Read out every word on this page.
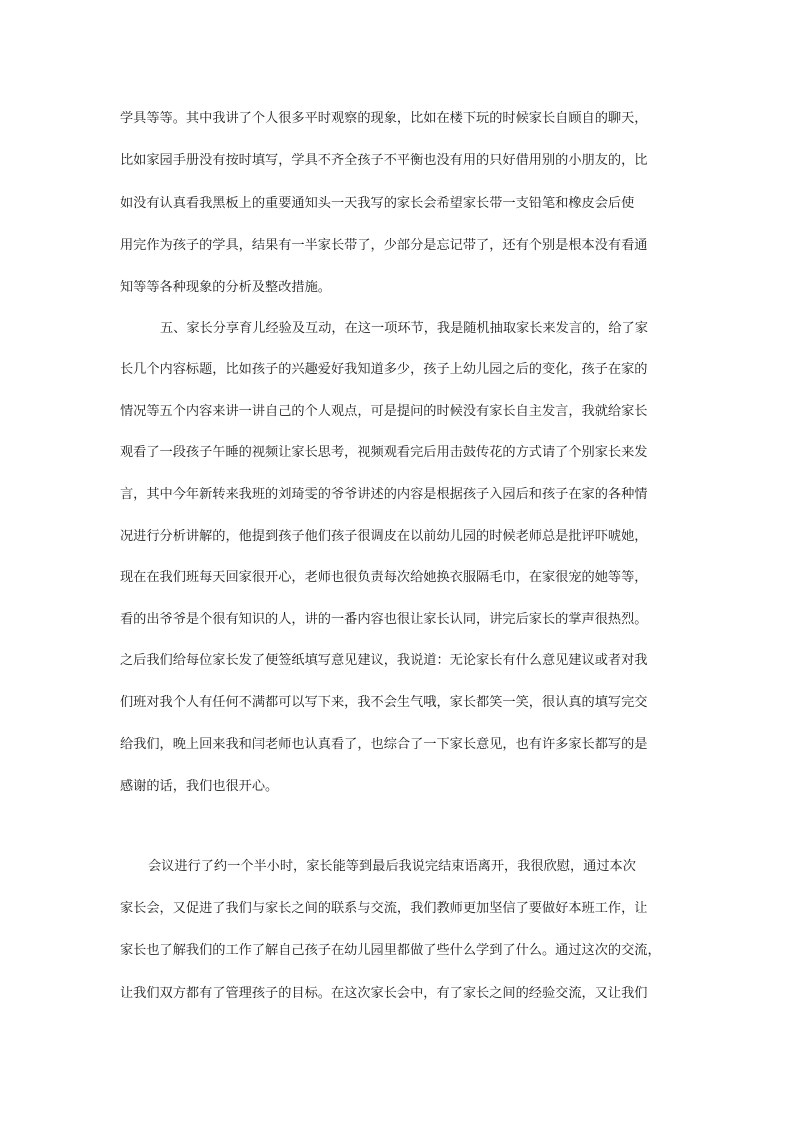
学具等等。其中我讲了个人很多平时观察的现象，比如在楼下玩的时候家长自顾自的聊天，
比如家园手册没有按时填写，学具不齐全孩子不平衡也没有用的只好借用别的小朋友的，比
如没有认真看我黑板上的重要通知头一天我写的家长会希望家长带一支铅笔和橡皮会后使
用完作为孩子的学具，结果有一半家长带了，少部分是忘记带了，还有个别是根本没有看通
知等等各种现象的分析及整改措施。
五、家长分享育儿经验及互动，在这一项环节，我是随机抽取家长来发言的，给了家
长几个内容标题，比如孩子的兴趣爱好我知道多少，孩子上幼儿园之后的变化，孩子在家的
情况等五个内容来讲一讲自己的个人观点，可是提问的时候没有家长自主发言，我就给家长
观看了一段孩子午睡的视频让家长思考，视频观看完后用击鼓传花的方式请了个别家长来发
言，其中今年新转来我班的刘琦雯的爷爷讲述的内容是根据孩子入园后和孩子在家的各种情
况进行分析讲解的，他提到孩子他们孩子很调皮在以前幼儿园的时候老师总是批评吓唬她，
现在在我们班每天回家很开心，老师也很负责每次给她换衣服隔毛巾，在家很宠的她等等，
看的出爷爷是个很有知识的人，讲的一番内容也很让家长认同，讲完后家长的掌声很热烈。
之后我们给每位家长发了便签纸填写意见建议，我说道：无论家长有什么意见建议或者对我
们班对我个人有任何不满都可以写下来，我不会生气哦，家长都笑一笑，很认真的填写完交
给我们，晚上回来我和闫老师也认真看了，也综合了一下家长意见，也有许多家长都写的是
感谢的话，我们也很开心。
会议进行了约一个半小时，家长能等到最后我说完结束语离开，我很欣慰，通过本次
家长会，又促进了我们与家长之间的联系与交流，我们教师更加坚信了要做好本班工作，让
家长也了解我们的工作了解自己孩子在幼儿园里都做了些什么学到了什么。通过这次的交流，
让我们双方都有了管理孩子的目标。在这次家长会中，有了家长之间的经验交流，又让我们
